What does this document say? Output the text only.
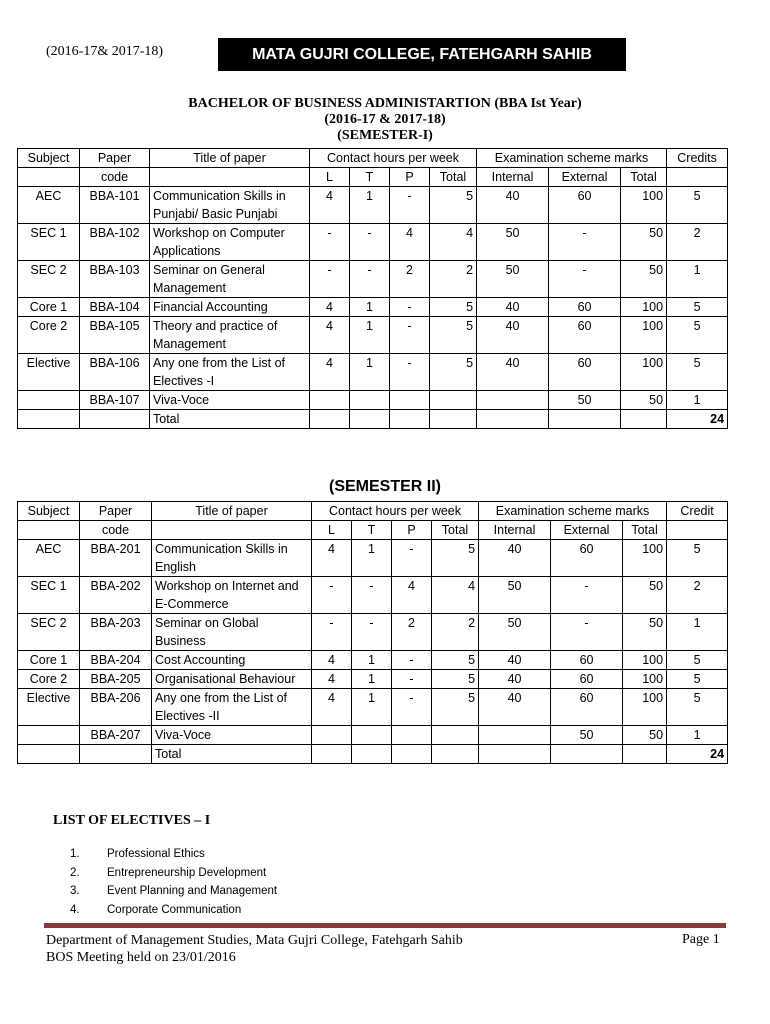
(2016-17& 2017-18)	MATA GUJRI COLLEGE, FATEHGARH SAHIB
BACHELOR OF BUSINESS ADMINISTARTION (BBA Ist Year)
(2016-17 & 2017-18)
(SEMESTER-I)
Subject	Paper	Title of paper	Contact hours per week				Examination scheme marks			Credits
	code		L	T	P	Total	Internal	External	Total	
AEC	BBA-101	Communication Skills in Punjabi/ Basic Punjabi	4	1	-	5	40	60	100	5
SEC 1	BBA-102	Workshop on Computer Applications	-	-	4	4	50	-	50	2
SEC 2	BBA-103	Seminar on General Management	-	-	2	2	50	-	50	1
Core 1	BBA-104	Financial Accounting	4	1	-	5	40	60	100	5
Core 2	BBA-105	Theory and practice of Management	4	1	-	5	40	60	100	5
Elective	BBA-106	Any one from the List of Electives -I	4	1	-	5	40	60	100	5
	BBA-107	Viva-Voce						50	50	1
		Total								24
(SEMESTER II)
Subject	Paper	Title of paper	Contact hours per week				Examination scheme marks			Credit
	code		L	T	P	Total	Internal	External	Total	
AEC	BBA-201	Communication Skills in English	4	1	-	5	40	60	100	5
SEC 1	BBA-202	Workshop on Internet and E-Commerce	-	-	4	4	50	-	50	2
SEC 2	BBA-203	Seminar on Global Business	-	-	2	2	50	-	50	1
Core 1	BBA-204	Cost Accounting	4	1	-	5	40	60	100	5
Core 2	BBA-205	Organisational Behaviour	4	1	-	5	40	60	100	5
Elective	BBA-206	Any one from the List of Electives -II	4	1	-	5	40	60	100	5
	BBA-207	Viva-Voce						50	50	1
		Total								24
LIST OF ELECTIVES – I
1.	Professional Ethics
2.	Entrepreneurship Development
3.	Event Planning and Management
4.	Corporate Communication
Department of Management Studies, Mata Gujri College, Fatehgarh Sahib
BOS Meeting held on 23/01/2016
Page 1
